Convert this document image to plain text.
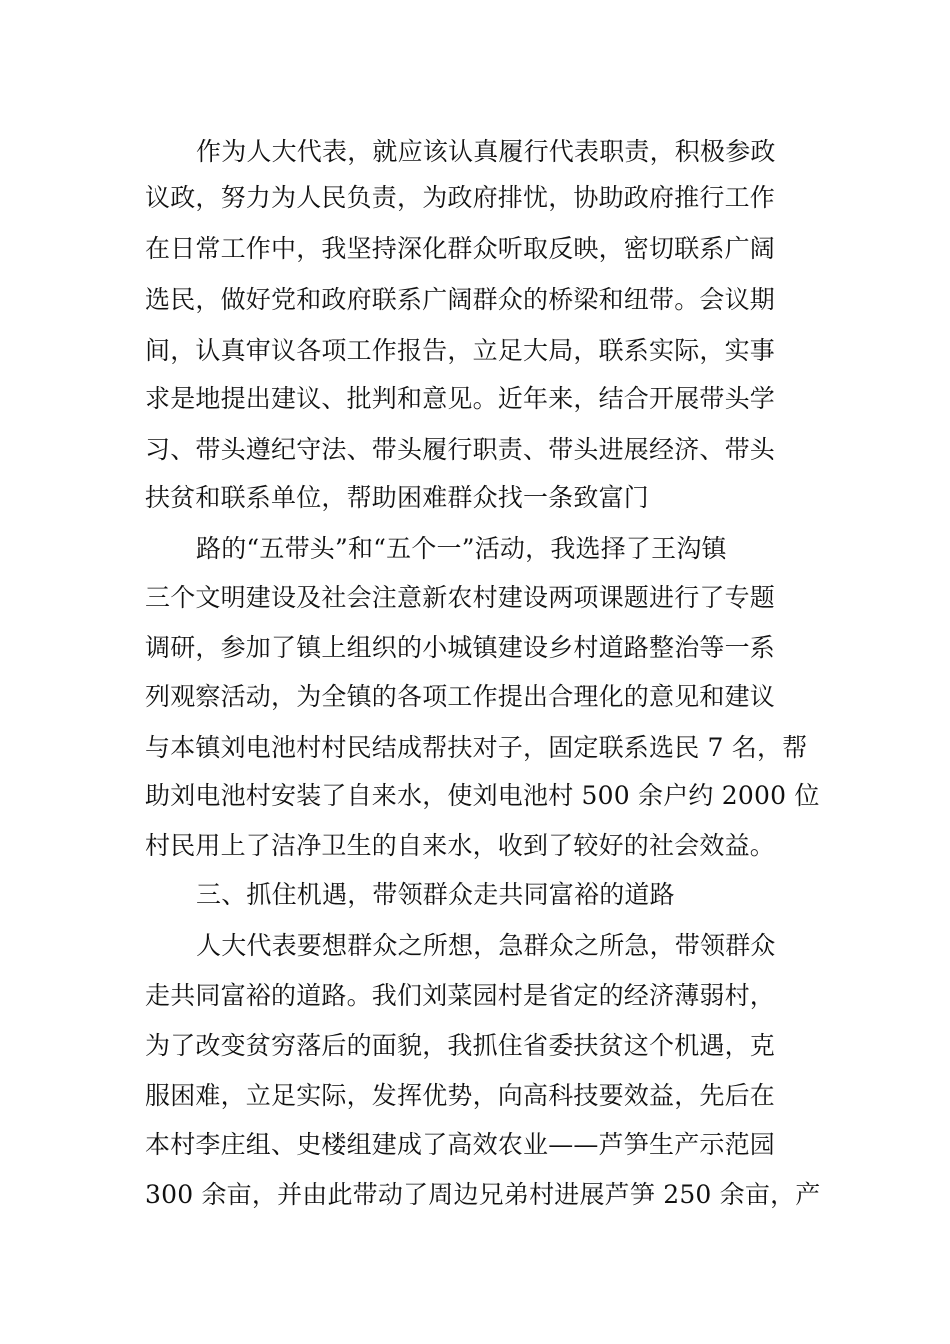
作为人大代表，就应该认真履行代表职责，积极参政
议政，努力为人民负责，为政府排忧，协助政府推行工作
在日常工作中，我坚持深化群众听取反映，密切联系广阔
选民，做好党和政府联系广阔群众的桥梁和纽带。会议期
间，认真审议各项工作报告，立足大局，联系实际，实事
求是地提出建议、批判和意见。近年来，结合开展带头学
习、带头遵纪守法、带头履行职责、带头进展经济、带头
扶贫和联系单位，帮助困难群众找一条致富门
路的“五带头”和“五个一”活动，我选择了王沟镇
三个文明建设及社会注意新农村建设两项课题进行了专题
调研，参加了镇上组织的小城镇建设乡村道路整治等一系
列观察活动，为全镇的各项工作提出合理化的意见和建议
与本镇刘电池村村民结成帮扶对子，固定联系选民 7 名，帮
助刘电池村安装了自来水，使刘电池村 500 余户约 2000 位
村民用上了洁净卫生的自来水，收到了较好的社会效益。
三、抓住机遇，带领群众走共同富裕的道路
人大代表要想群众之所想，急群众之所急，带领群众
走共同富裕的道路。我们刘菜园村是省定的经济薄弱村，
为了改变贫穷落后的面貌，我抓住省委扶贫这个机遇，克
服困难，立足实际，发挥优势，向高科技要效益，先后在
本村李庄组、史楼组建成了高效农业——芦笋生产示范园
300 余亩，并由此带动了周边兄弟村进展芦笋 250 余亩，产
